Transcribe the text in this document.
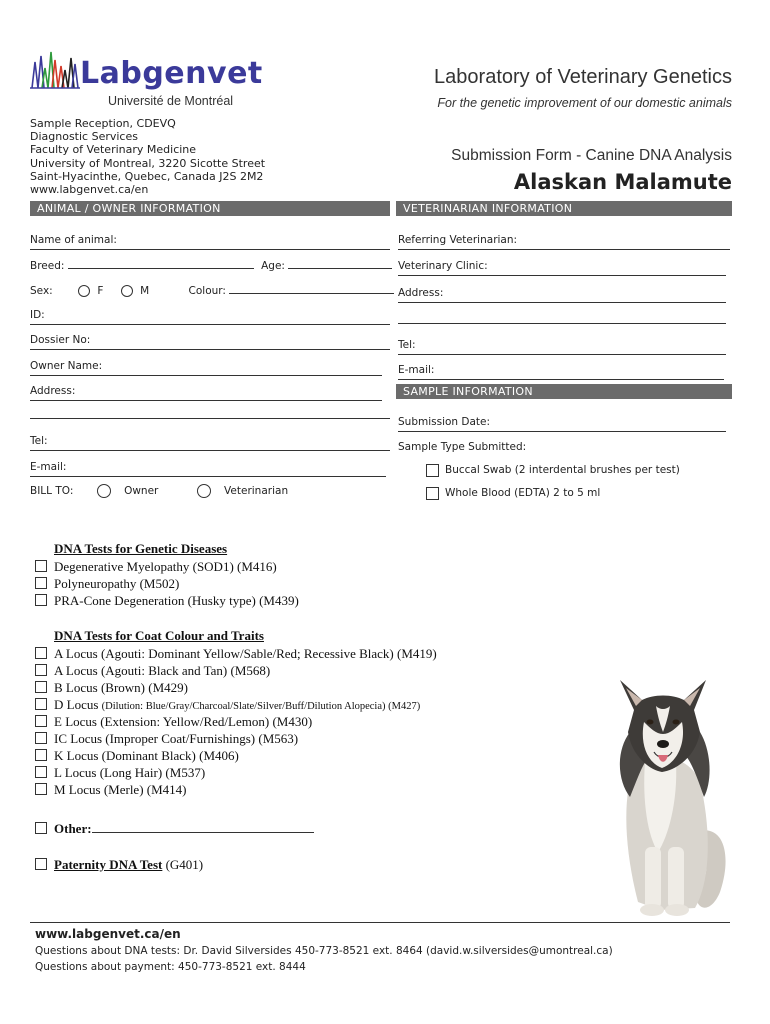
Labgenvet
Université de Montréal
Laboratory of Veterinary Genetics
For the genetic improvement of our domestic animals
Sample Reception, CDEVQ
Diagnostic Services
Faculty of Veterinary Medicine
University of Montreal, 3220 Sicotte Street
Saint-Hyacinthe, Quebec, Canada J2S 2M2
www.labgenvet.ca/en
Submission Form - Canine DNA Analysis
Alaskan Malamute
ANIMAL / OWNER INFORMATION	VETERINARIAN INFORMATION
SAMPLE INFORMATION
Name of animal:
Breed:	Age:
Sex:	F	M	Colour:
ID:
Dossier No:
Owner Name:
Address:
Tel:
E-mail:
BILL TO:	Owner	Veterinarian
Referring Veterinarian:
Veterinary Clinic:
Address:
Tel:
E-mail:
Submission Date:
Sample Type Submitted:
Buccal Swab (2 interdental brushes per test)
Whole Blood (EDTA) 2 to 5 ml
DNA Tests for Genetic Diseases
Degenerative Myelopathy (SOD1) (M416)
Polyneuropathy (M502)
PRA-Cone Degeneration (Husky type) (M439)
DNA Tests for Coat Colour and Traits
A Locus (Agouti: Dominant Yellow/Sable/Red; Recessive Black) (M419)
A Locus (Agouti: Black and Tan) (M568)
B Locus (Brown) (M429)
D Locus (Dilution: Blue/Gray/Charcoal/Slate/Silver/Buff/Dilution Alopecia) (M427)
E Locus (Extension: Yellow/Red/Lemon) (M430)
IC Locus (Improper Coat/Furnishings) (M563)
K Locus (Dominant Black) (M406)
L Locus (Long Hair) (M537)
M Locus (Merle) (M414)
Other:
Paternity DNA Test (G401)
www.labgenvet.ca/en
Questions about DNA tests: Dr. David Silversides 450-773-8521 ext. 8464 (david.w.silversides@umontreal.ca)
Questions about payment: 450-773-8521 ext. 8444
